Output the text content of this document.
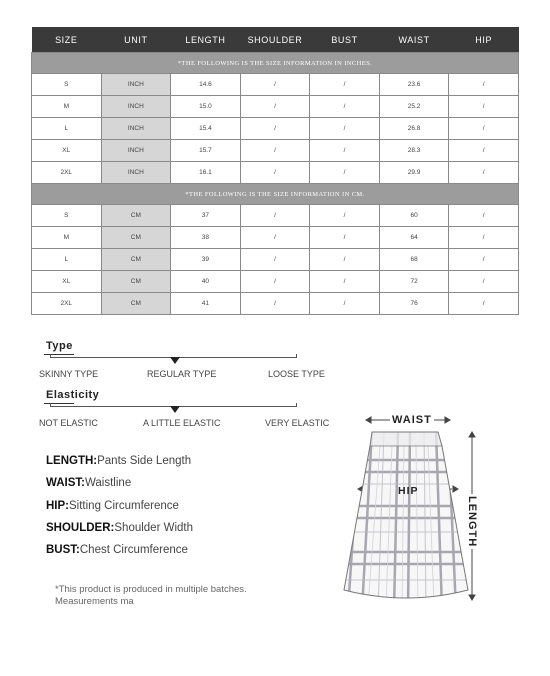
SIZE	UNIT	LENGTH	SHOULDER	BUST	WAIST	HIP
*THE FOLLOWING IS THE SIZE INFORMATION IN INCHES.						
S	INCH	14.6	/	/	23.6	/
M	INCH	15.0	/	/	25.2	/
L	INCH	15.4	/	/	26.8	/
XL	INCH	15.7	/	/	28.3	/
2XL	INCH	16.1	/	/	29.9	/
*THE FOLLOWING IS THE SIZE INFORMATION IN CM.						
S	CM	37	/	/	60	/
M	CM	38	/	/	64	/
L	CM	39	/	/	68	/
XL	CM	40	/	/	72	/
2XL	CM	41	/	/	76	/
Type
SKINNY TYPE	REGULAR TYPE	LOOSE TYPE
Elasticity
NOT ELASTIC	A LITTLE ELASTIC	VERY ELASTIC
LENGTH:Pants Side Length
WAIST:Waistline
HIP:Sitting Circumference
SHOULDER:Shoulder Width
BUST:Chest Circumference
*This product is produced in multiple batches.
Measurements ma
WAIST
HIP
LENGTH
